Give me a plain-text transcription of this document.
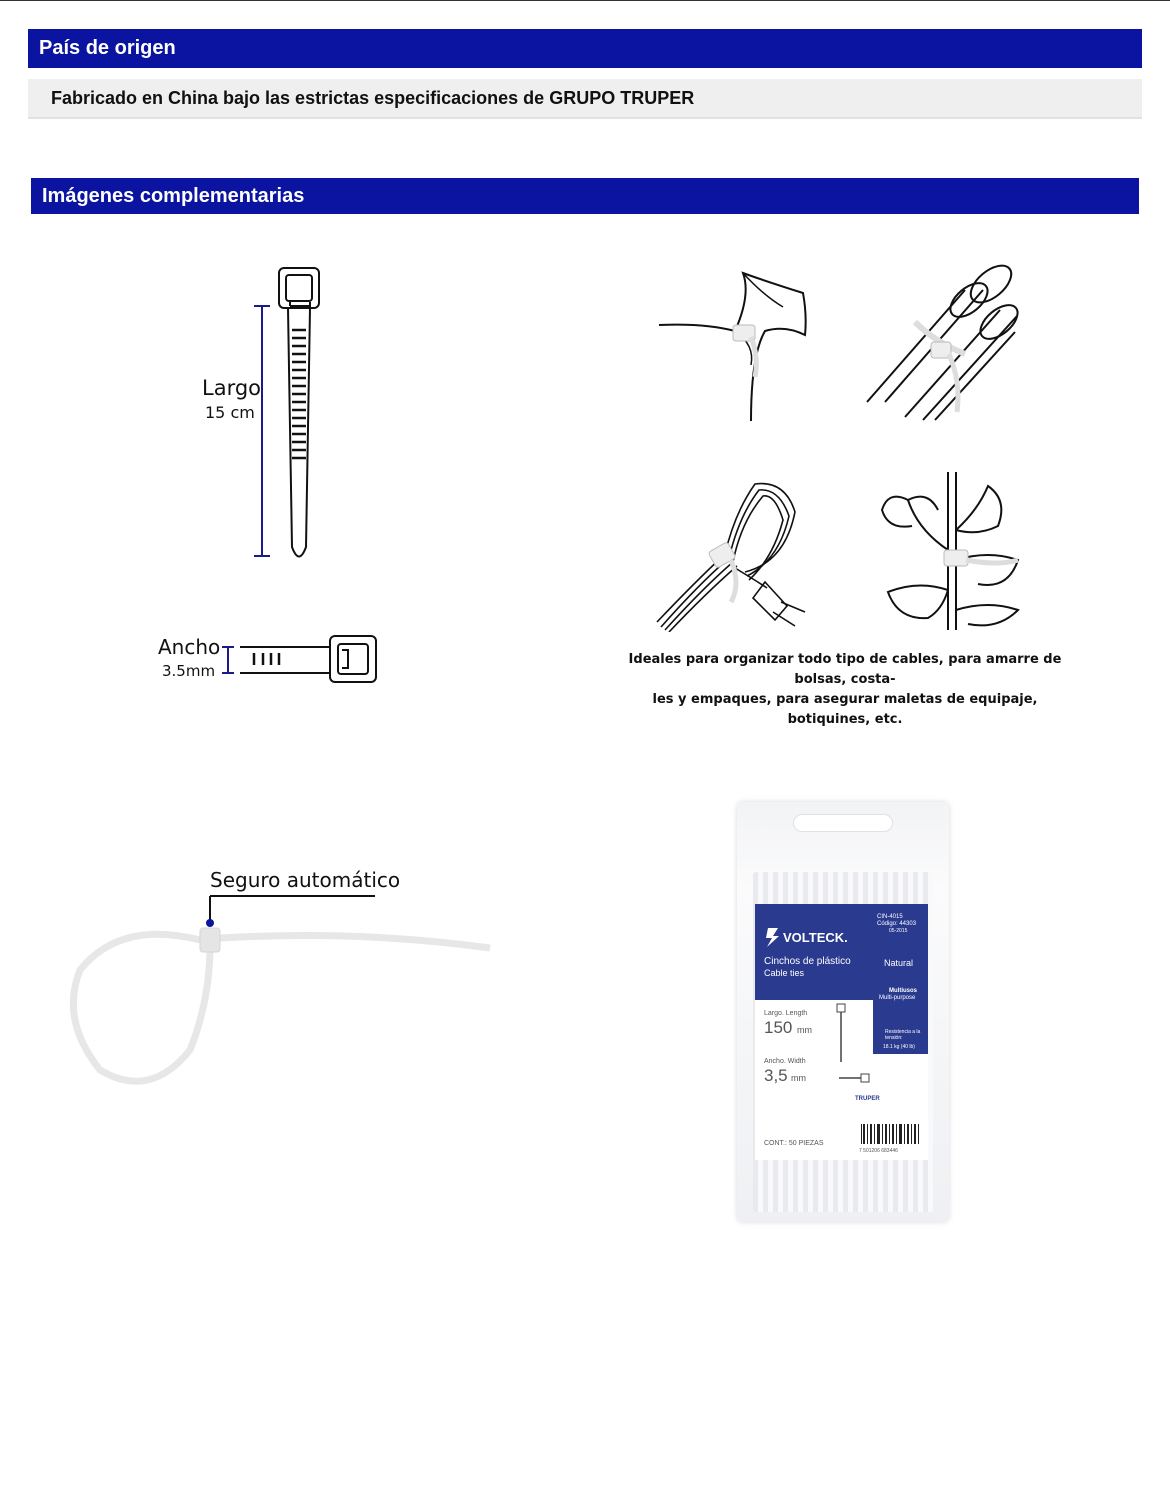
País de origen
Fabricado en China bajo las estrictas especificaciones de GRUPO TRUPER
Imágenes complementarias
Largo
15 cm
Ancho
3.5mm
Ideales para organizar todo tipo de cables, para amarre de bolsas, costa-
les y empaques, para asegurar maletas de equipaje, botiquines, etc.
Seguro automático
VOLTECK.
CIN-4015
Código: 44303
05-2015
Cinchos de plástico
Cable ties
Natural
Multiusos
Multi-purpose
Resistencia a la tensión:
18.1 kg (40 lb)
Largo. Length
150 mm
Ancho. Width
3,5 mm
TRUPER
CONT.: 50 PIEZAS
7 501206 683446
